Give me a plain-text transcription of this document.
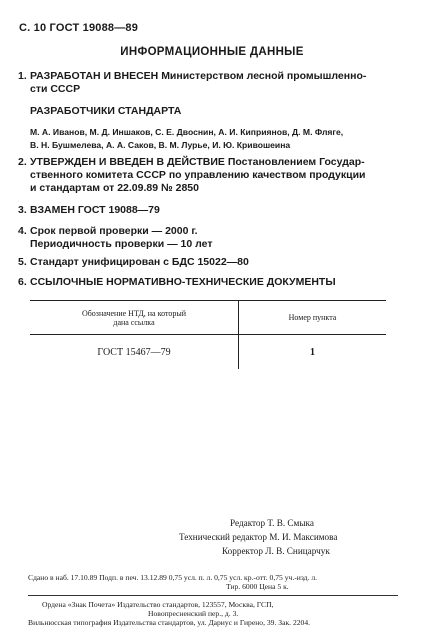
С. 10 ГОСТ 19088—89
ИНФОРМАЦИОННЫЕ ДАННЫЕ
1. РАЗРАБОТАН И ВНЕСЕН Министерством лесной промышленно-
сти СССР
РАЗРАБОТЧИКИ СТАНДАРТА
М. А. Иванов, М. Д. Иншаков, С. Е. Двоснин, А. И. Киприянов, Д. М. Фляге,
В. Н. Бушмелева, А. А. Саков, В. М. Лурье, И. Ю. Кривошеина
2. УТВЕРЖДЕН И ВВЕДЕН В ДЕЙСТВИЕ Постановлением Государ-
ственного комитета СССР по управлению качеством продукции
и стандартам от 22.09.89 № 2850
3. ВЗАМЕН ГОСТ 19088—79
4. Срок первой проверки — 2000 г.
Периодичность проверки — 10 лет
5. Стандарт унифицирован с БДС 15022—80
6. ССЫЛОЧНЫЕ НОРМАТИВНО-ТЕХНИЧЕСКИЕ ДОКУМЕНТЫ
Обозначение НТД, на который
дана ссылка	Номер пункта
ГОСТ 15467—79	1
Редактор Т. В. Смыка
Технический редактор М. И. Максимова
Корректор Л. В. Сницарчук
Сдано в наб. 17.10.89 Подп. в печ. 13.12.89 0,75 усл. п. л. 0,75 усл. кр.-отт. 0,75 уч.-изд. л.
Тир. 6000 Цена 5 к.
Ордена «Знак Почета» Издательство стандартов, 123557, Москва, ГСП,
Новопресненский пер., д. 3.
Вильнюсская типография Издательства стандартов, ул. Дариус и Гирено, 39. Зак. 2204.
